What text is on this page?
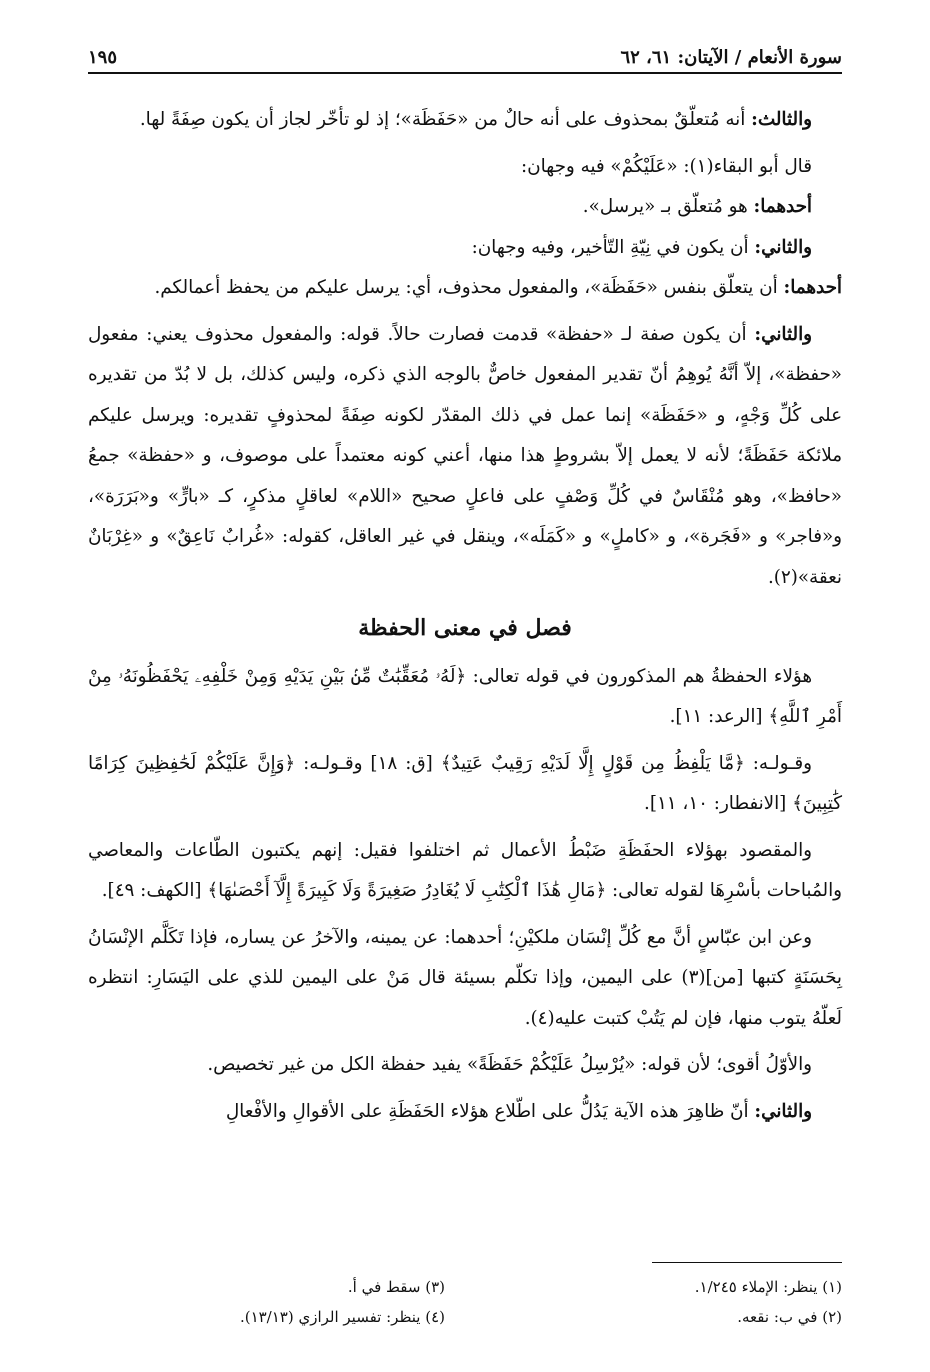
سورة الأنعام / الآيتان: ٦١، ٦٢
١٩٥

والثالث: أنه مُتعلّقٌ بمحذوف على أنه حالٌ من «حَفَظَة»؛ إذ لو تأخّر لجاز أن يكون صِفَةً لها.

قال أبو البقاء(١): «عَلَيْكُمْ» فيه وجهان:

أحدهما: هو مُتعلّق بـ «يرسل».

والثاني: أن يكون في نِيّةِ التّأخير، وفيه وجهان:

أحدهما: أن يتعلّق بنفس «حَفَظَة»، والمفعول محذوف، أي: يرسل عليكم من يحفظ أعمالكم.

والثاني: أن يكون صفة لـ «حفظة» قدمت فصارت حالاً. قوله: والمفعول محذوف يعني: مفعول «حفظة»، إلاّ أنَّهُ يُوهِمُ أنّ تقدير المفعول خاصٌّ بالوجه الذي ذكره، وليس كذلك، بل لا بُدّ من تقديره على كُلِّ وَجْهٍ، و «حَفَظَة» إنما عمل في ذلك المقدّر لكونه صِفَةً لمحذوفٍ تقديره: ويرسل عليكم ملائكة حَفَظَةً؛ لأنه لا يعمل إلاّ بشروطٍ هذا منها، أعني كونه معتمداً على موصوف، و «حفظة» جمعُ «حافظ»، وهو مُنْقَاسٌ في كُلِّ وَصْفٍ على فاعلٍ صحيح «اللام» لعاقلٍ مذكرٍ، كـ «بارٍّ» و«بَرَرَة»، و«فاجر» و «فَجَرة»، و «كاملٍ» و «كَمَلَه»، وينقل في غير العاقل، كقوله: «غُرابٌ نَاعِقٌ» و «غِرْبَانٌ نعقة»(٢).

فصل في معنى الحفظة

هؤلاء الحفظةُ هم المذكورون في قوله تعالى: ﴿لَهُۥ مُعَقِّبَٰتٌ مِّنۢ بَيْنِ يَدَيْهِ وَمِنْ خَلْفِهِۦ يَحْفَظُونَهُۥ مِنْ أَمْرِ ٱللَّهِ﴾ [الرعد: ١١].

وقـولـه: ﴿مَّا يَلْفِظُ مِن قَوْلٍ إِلَّا لَدَيْهِ رَقِيبٌ عَتِيدٌ﴾ [ق: ١٨] وقـولـه: ﴿وَإِنَّ عَلَيْكُمْ لَحَٰفِظِينَ كِرَامًا كَٰتِبِينَ﴾ [الانفطار: ١٠، ١١].

والمقصود بهؤلاء الحفَظَةِ ضَبْطُ الأعمال ثم اختلفوا فقيل: إنهم يكتبون الطّاعات والمعاصي والمُباحات بأسْرِهَا لقوله تعالى: ﴿مَالِ هَٰذَا ٱلْكِتَٰبِ لَا يُغَادِرُ صَغِيرَةً وَلَا كَبِيرَةً إِلَّآ أَحْصَىٰهَا﴾ [الكهف: ٤٩].

وعن ابن عبّاسٍ أنَّ مع كُلِّ إنْسَان ملكيْنِ؛ أحدهما: عن يمينه، والآخرُ عن يساره، فإذا تَكَلَّم الإنْسَانُ بِحَسَنَةٍ كتبها [من](٣) على اليمين، وإذا تكلّم بسيئة قال مَنْ على اليمين للذي على اليَسَارِ: انتظره لَعلّهُ يتوب منها، فإن لم يَتُبْ كتبت عليه(٤).

والأوّلُ أقوى؛ لأن قوله: «يُرْسِلُ عَلَيْكُمْ حَفَظَةً» يفيد حفظة الكل من غير تخصيص.

والثاني: أنّ ظاهِرَ هذه الآية يَدُلُّ على اطّلاع هؤلاء الحَفَظَةِ على الأقوالِ والأفْعالِ

(١) ينظر: الإملاء ١/٢٤٥.
(٣) سقط في أ.
(٢) في ب: نقعه.
(٤) ينظر: تفسير الرازي (١٣/١٣).
